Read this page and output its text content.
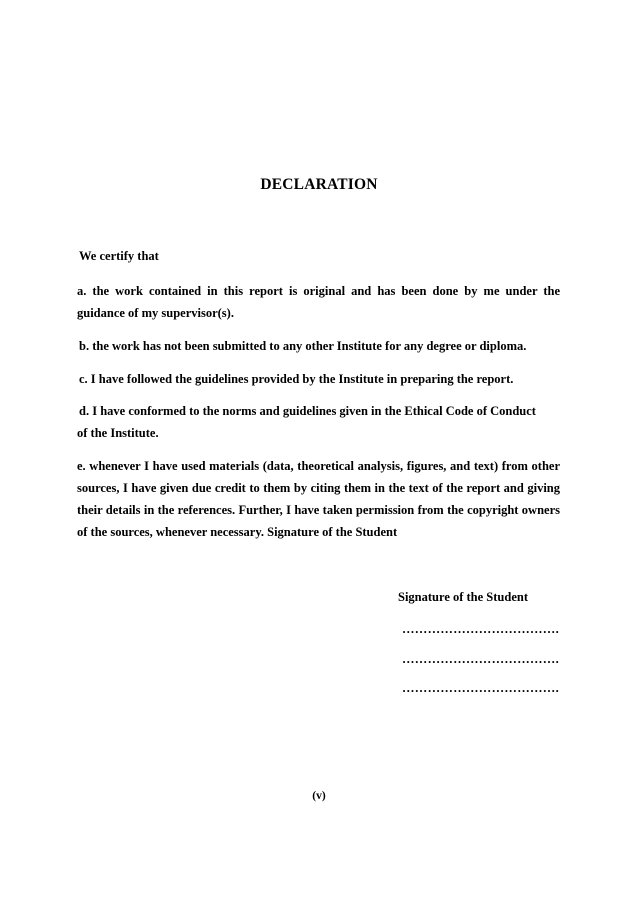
DECLARATION
We certify that
a. the work contained in this report is original and has been done by me under the guidance of my supervisor(s).
b. the work has not been submitted to any other Institute for any degree or diploma.
c. I have followed the guidelines provided by the Institute in preparing the report.
d. I have conformed to the norms and guidelines given in the Ethical Code of Conduct
of the Institute.
e. whenever I have used materials (data, theoretical analysis, figures, and text) from other sources, I have given due credit to them by citing them in the text of the report and giving their details in the references. Further, I have taken permission from the copyright owners of the sources, whenever necessary. Signature of the Student
Signature of the Student
……………………………….
……………………………….
……………………………….
(v)
